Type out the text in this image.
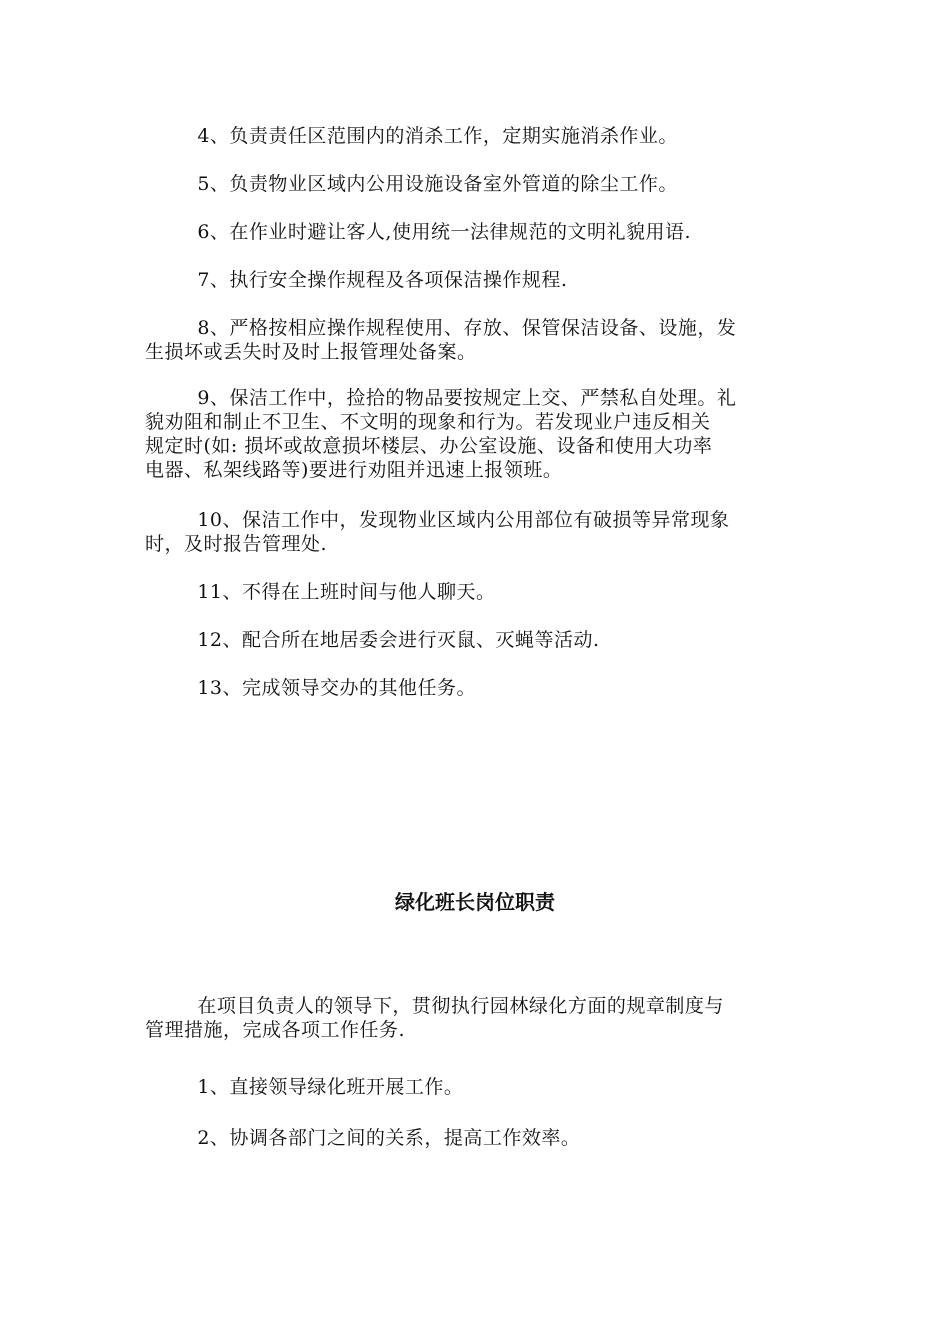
4、负责责任区范围内的消杀工作，定期实施消杀作业。

5、负责物业区域内公用设施设备室外管道的除尘工作。

6、在作业时避让客人,使用统一法律规范的文明礼貌用语.

7、执行安全操作规程及各项保洁操作规程.

8、严格按相应操作规程使用、存放、保管保洁设备、设施，发
生损坏或丢失时及时上报管理处备案。

9、保洁工作中，捡拾的物品要按规定上交、严禁私自处理。礼
貌劝阻和制止不卫生、不文明的现象和行为。若发现业户违反相关
规定时(如: 损坏或故意损坏楼层、办公室设施、设备和使用大功率
电器、私架线路等)要进行劝阻并迅速上报领班。

10、保洁工作中，发现物业区域内公用部位有破损等异常现象
时，及时报告管理处.

11、不得在上班时间与他人聊天。

12、配合所在地居委会进行灭鼠、灭蝇等活动.

13、完成领导交办的其他任务。

绿化班长岗位职责

在项目负责人的领导下，贯彻执行园林绿化方面的规章制度与
管理措施，完成各项工作任务.

1、直接领导绿化班开展工作。

2、协调各部门之间的关系，提高工作效率。
